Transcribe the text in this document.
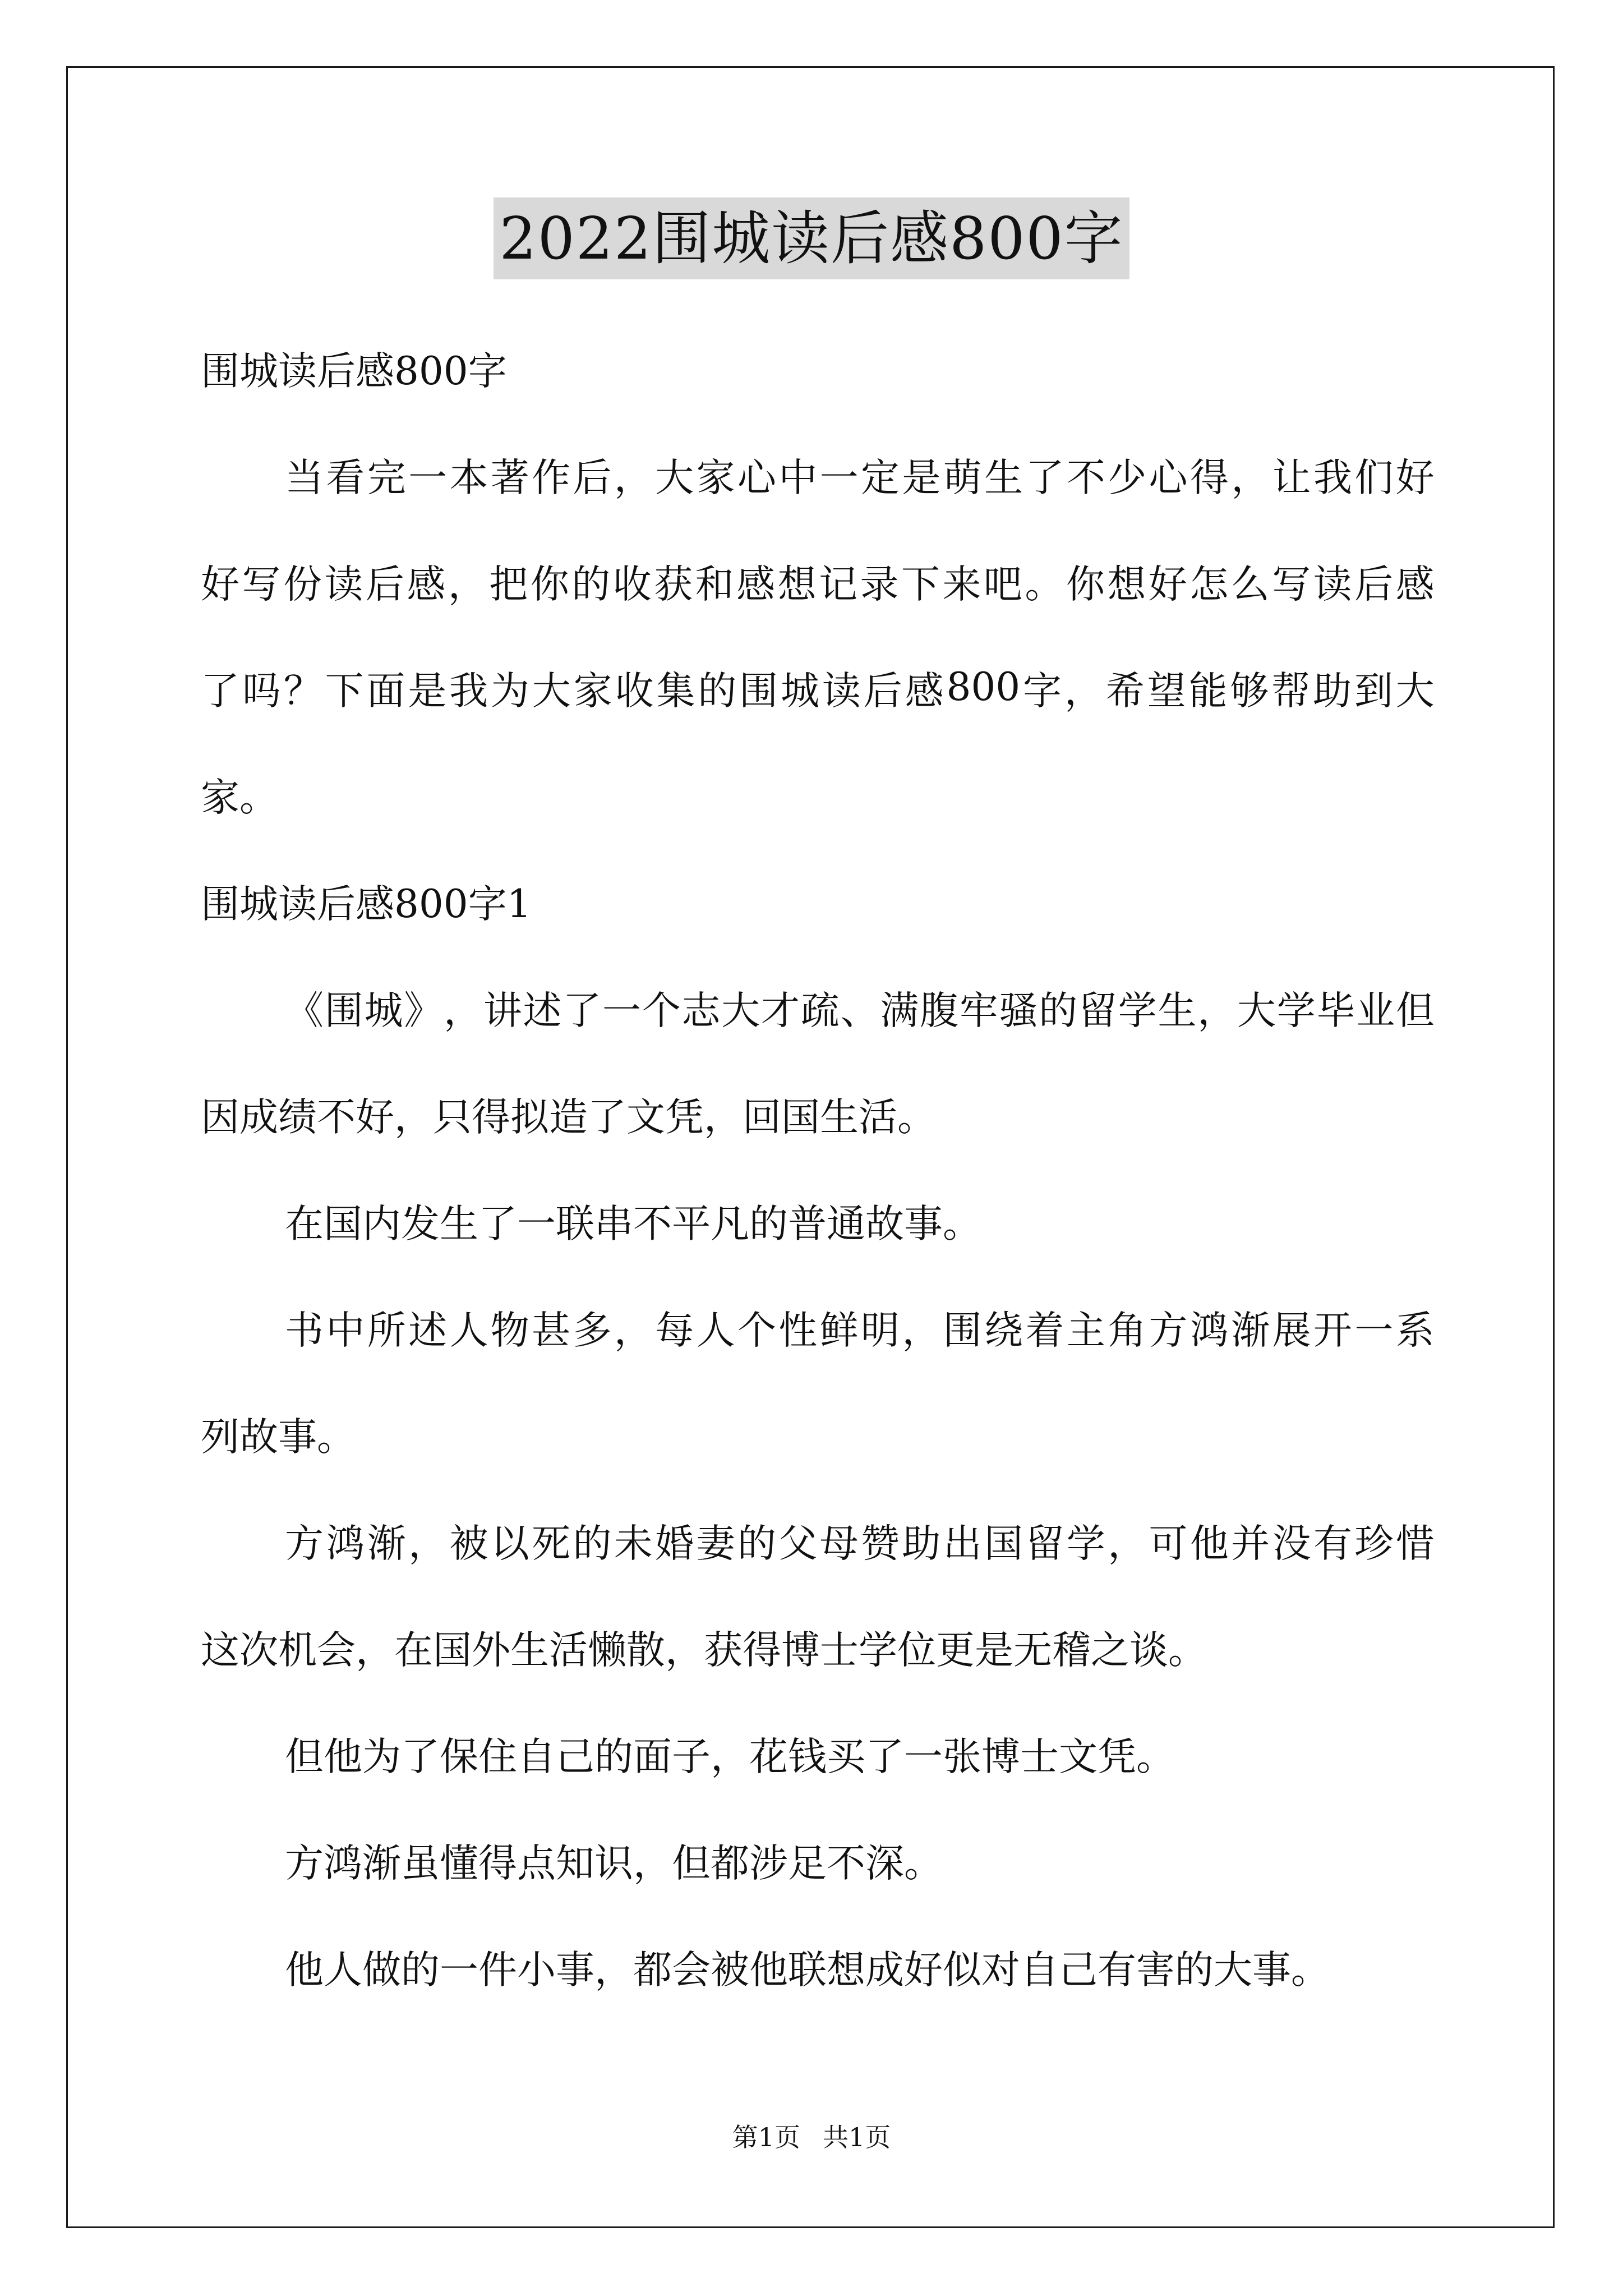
2022围城读后感800字
围城读后感800字
当 看 完 一 本 著 作 后 ， 大 家 心 中 一 定 是 萌 生 了 不 少 心 得 ， 让 我 们 好
好 写 份 读 后 感 ， 把 你 的 收 获 和 感 想 记 录 下 来 吧 。 你 想 好 怎 么 写 读 后 感
了 吗 ？ 下 面 是 我 为 大 家 收 集 的 围 城 读 后 感 800 字 ， 希 望 能 够 帮 助 到 大
家。
围城读后感800字1
《 围 城 》 ， 讲 述 了 一 个 志 大 才 疏 、 满 腹 牢 骚 的 留 学 生 ， 大 学 毕 业 但
因成绩不好，只得拟造了文凭，回国生活。
在国内发生了一联串不平凡的普通故事。
书 中 所 述 人 物 甚 多 ， 每 人 个 性 鲜 明 ， 围 绕 着 主 角 方 鸿 渐 展 开 一 系
列故事。
方 鸿 渐 ， 被 以 死 的 未 婚 妻 的 父 母 赞 助 出 国 留 学 ， 可 他 并 没 有 珍 惜
这次机会，在国外生活懒散，获得博士学位更是无稽之谈。
但他为了保住自己的面子，花钱买了一张博士文凭。
方鸿渐虽懂得点知识，但都涉足不深。
他人做的一件小事，都会被他联想成好似对自己有害的大事。
第1页 共1页
